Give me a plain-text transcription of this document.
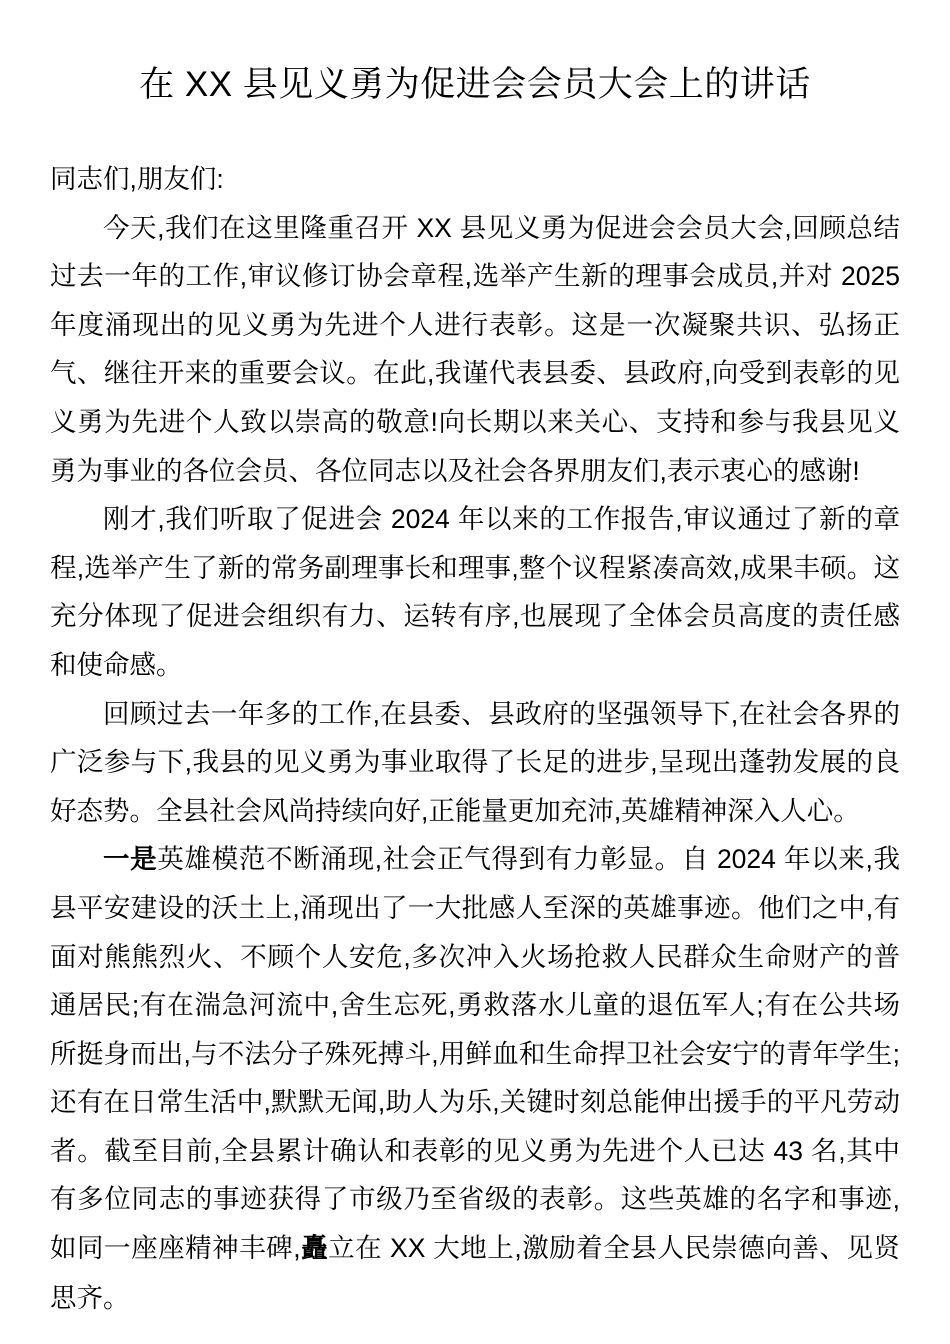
在 XX 县见义勇为促进会会员大会上的讲话

同志们,朋友们:

今天,我们在这里隆重召开 XX 县见义勇为促进会会员大会,回顾总结过去一年的工作,审议修订协会章程,选举产生新的理事会成员,并对 2025 年度涌现出的见义勇为先进个人进行表彰。这是一次凝聚共识、弘扬正气、继往开来的重要会议。在此,我谨代表县委、县政府,向受到表彰的见义勇为先进个人致以崇高的敬意!向长期以来关心、支持和参与我县见义勇为事业的各位会员、各位同志以及社会各界朋友们,表示衷心的感谢!

刚才,我们听取了促进会 2024 年以来的工作报告,审议通过了新的章程,选举产生了新的常务副理事长和理事,整个议程紧凑高效,成果丰硕。这充分体现了促进会组织有力、运转有序,也展现了全体会员高度的责任感和使命感。

回顾过去一年多的工作,在县委、县政府的坚强领导下,在社会各界的广泛参与下,我县的见义勇为事业取得了长足的进步,呈现出蓬勃发展的良好态势。全县社会风尚持续向好,正能量更加充沛,英雄精神深入人心。

一是英雄模范不断涌现,社会正气得到有力彰显。自 2024 年以来,我县平安建设的沃土上,涌现出了一大批感人至深的英雄事迹。他们之中,有面对熊熊烈火、不顾个人安危,多次冲入火场抢救人民群众生命财产的普通居民;有在湍急河流中,舍生忘死,勇救落水儿童的退伍军人;有在公共场所挺身而出,与不法分子殊死搏斗,用鲜血和生命捍卫社会安宁的青年学生;还有在日常生活中,默默无闻,助人为乐,关键时刻总能伸出援手的平凡劳动者。截至目前,全县累计确认和表彰的见义勇为先进个人已达 43 名,其中有多位同志的事迹获得了市级乃至省级的表彰。这些英雄的名字和事迹,如同一座座精神丰碑,矗立在 XX 大地上,激励着全县人民崇德向善、见贤思齐。
